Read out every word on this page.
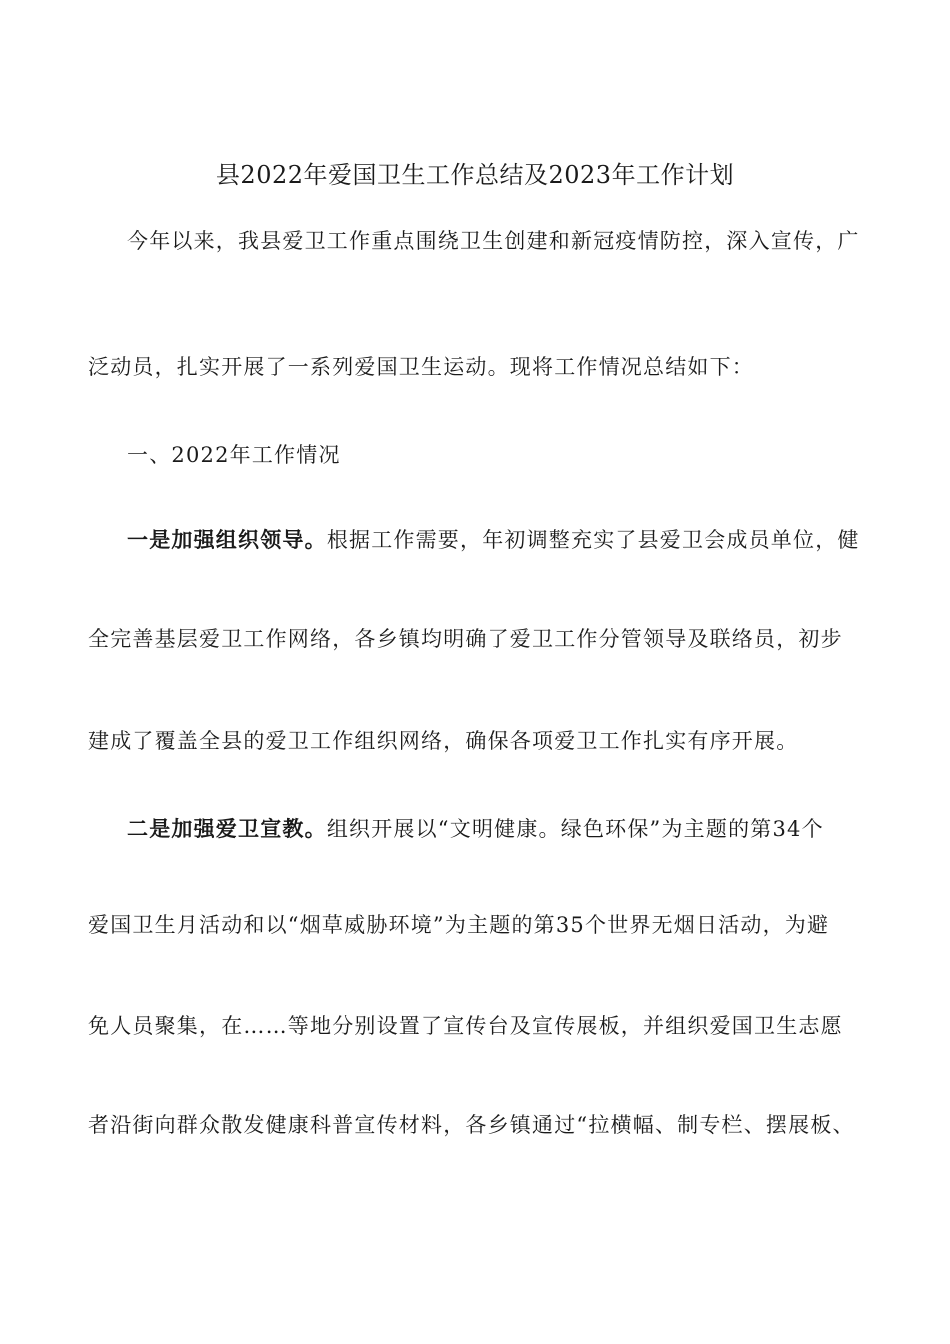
县2022年爱国卫生工作总结及2023年工作计划
今年以来，我县爱卫工作重点围绕卫生创建和新冠疫情防控，深入宣传，广
泛动员，扎实开展了一系列爱国卫生运动。现将工作情况总结如下：
一、2022年工作情况
一是加强组织领导。根据工作需要，年初调整充实了县爱卫会成员单位，健
全完善基层爱卫工作网络，各乡镇均明确了爱卫工作分管领导及联络员，初步
建成了覆盖全县的爱卫工作组织网络，确保各项爱卫工作扎实有序开展。
二是加强爱卫宣教。组织开展以“文明健康。绿色环保”为主题的第34个
爱国卫生月活动和以“烟草威胁环境”为主题的第35个世界无烟日活动，为避
免人员聚集，在……等地分别设置了宣传台及宣传展板，并组织爱国卫生志愿
者沿街向群众散发健康科普宣传材料，各乡镇通过“拉横幅、制专栏、摆展板、
